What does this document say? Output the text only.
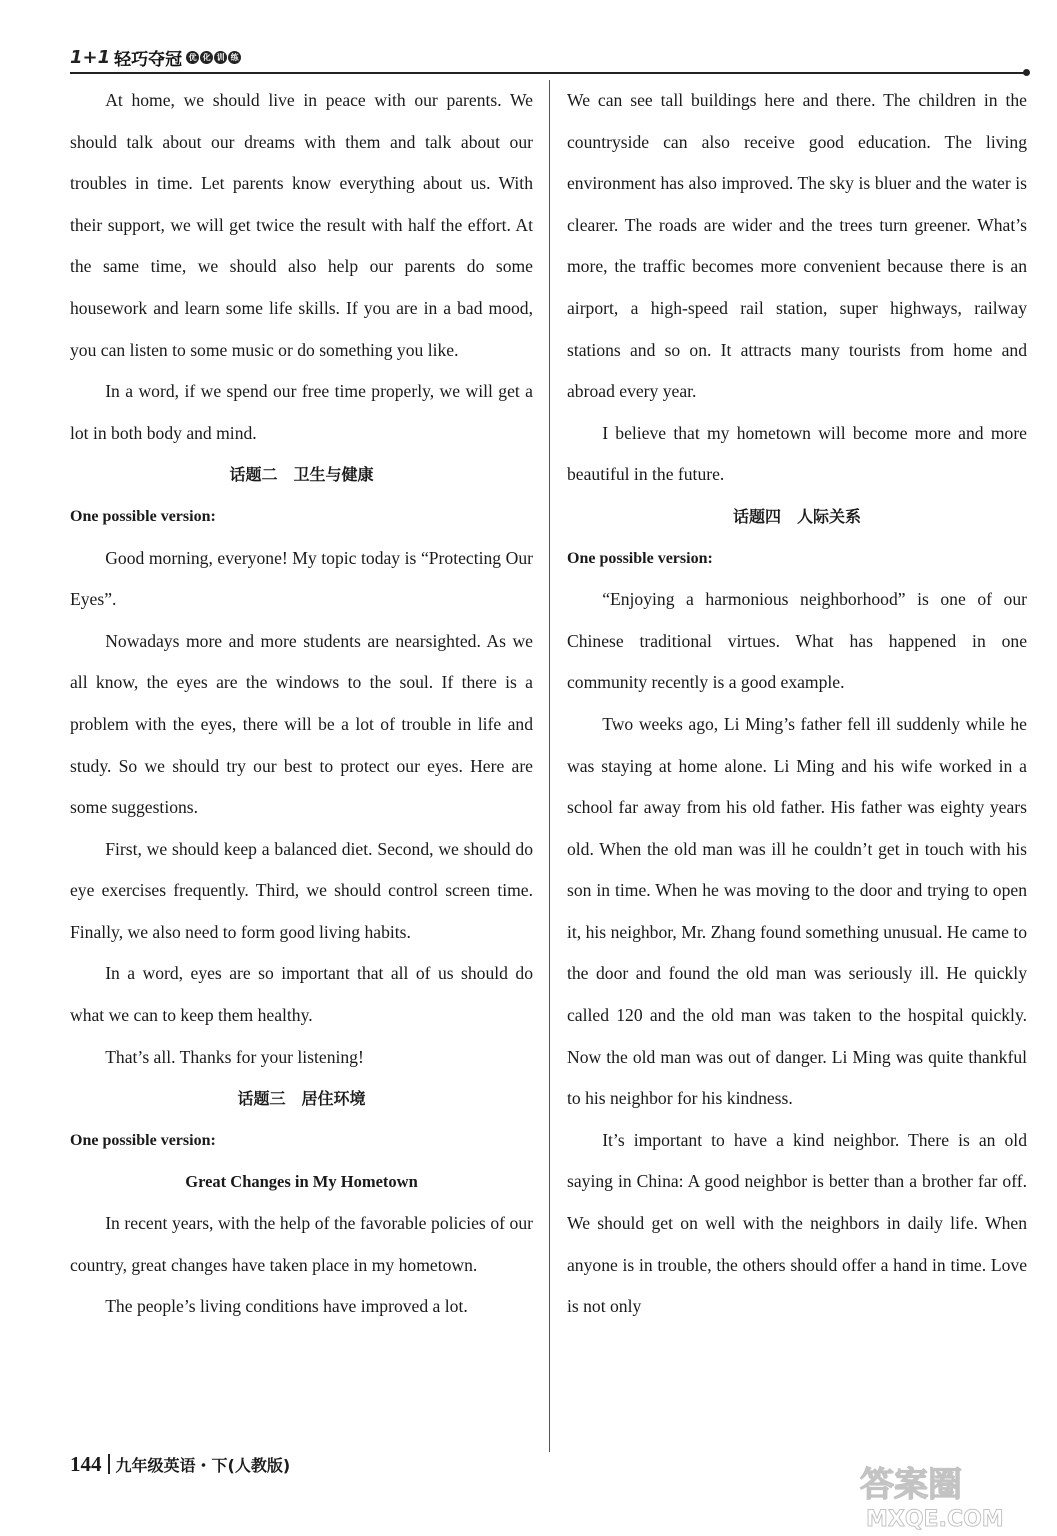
1+1 轻巧夺冠 优 化 训 练

At home, we should live in peace with our parents. We should talk about our dreams with them and talk about our troubles in time. Let parents know everything about us. With their support, we will get twice the result with half the effort. At the same time, we should also help our parents do some housework and learn some life skills. If you are in a bad mood, you can listen to some music or do something you like.

In a word, if we spend our free time properly, we will get a lot in both body and mind.

话题二　卫生与健康

One possible version:

Good morning, everyone! My topic today is “Protecting Our Eyes”.

Nowadays more and more students are nearsighted. As we all know, the eyes are the windows to the soul. If there is a problem with the eyes, there will be a lot of trouble in life and study. So we should try our best to protect our eyes. Here are some suggestions.

First, we should keep a balanced diet. Second, we should do eye exercises frequently. Third, we should control screen time. Finally, we also need to form good living habits.

In a word, eyes are so important that all of us should do what we can to keep them healthy.

That’s all. Thanks for your listening!

话题三　居住环境

One possible version:

Great Changes in My Hometown

In recent years, with the help of the favorable policies of our country, great changes have taken place in my hometown.

The people’s living conditions have improved a lot.

We can see tall buildings here and there. The children in the countryside can also receive good education. The living environment has also improved. The sky is bluer and the water is clearer. The roads are wider and the trees turn greener. What’s more, the traffic becomes more convenient because there is an airport, a high-speed rail station, super highways, railway stations and so on. It attracts many tourists from home and abroad every year.

I believe that my hometown will become more and more beautiful in the future.

话题四　人际关系

One possible version:

“Enjoying a harmonious neighborhood” is one of our Chinese traditional virtues. What has happened in one community recently is a good example.

Two weeks ago, Li Ming’s father fell ill suddenly while he was staying at home alone. Li Ming and his wife worked in a school far away from his old father. His father was eighty years old. When the old man was ill he couldn’t get in touch with his son in time. When he was moving to the door and trying to open it, his neighbor, Mr. Zhang found something unusual. He came to the door and found the old man was seriously ill. He quickly called 120 and the old man was taken to the hospital quickly. Now the old man was out of danger. Li Ming was quite thankful to his neighbor for his kindness.

It’s important to have a kind neighbor. There is an old saying in China: A good neighbor is better than a brother far off. We should get on well with the neighbors in daily life. When anyone is in trouble, the others should offer a hand in time. Love is not only

144 九年级英语・下(人教版)	答案圈
MXQE.COM
